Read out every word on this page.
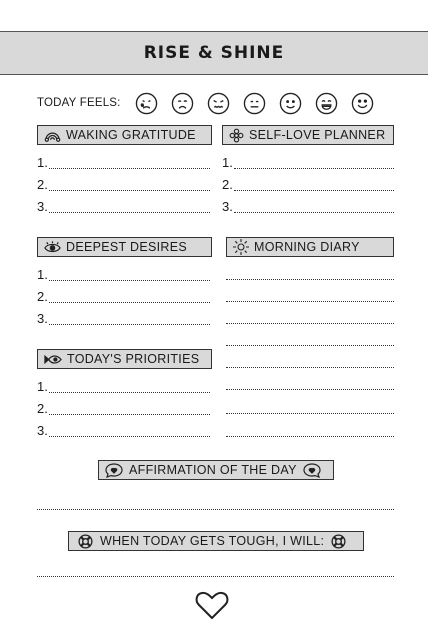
RISE & SHINE
TODAY FEELS:
WAKING GRATITUDE
1.
2.
3.
SELF-LOVE PLANNER
1.
2.
3.
DEEPEST DESIRES
1.
2.
3.
MORNING DIARY
TODAY'S PRIORITIES
1.
2.
3.
AFFIRMATION OF THE DAY
WHEN TODAY GETS TOUGH, I WILL:
